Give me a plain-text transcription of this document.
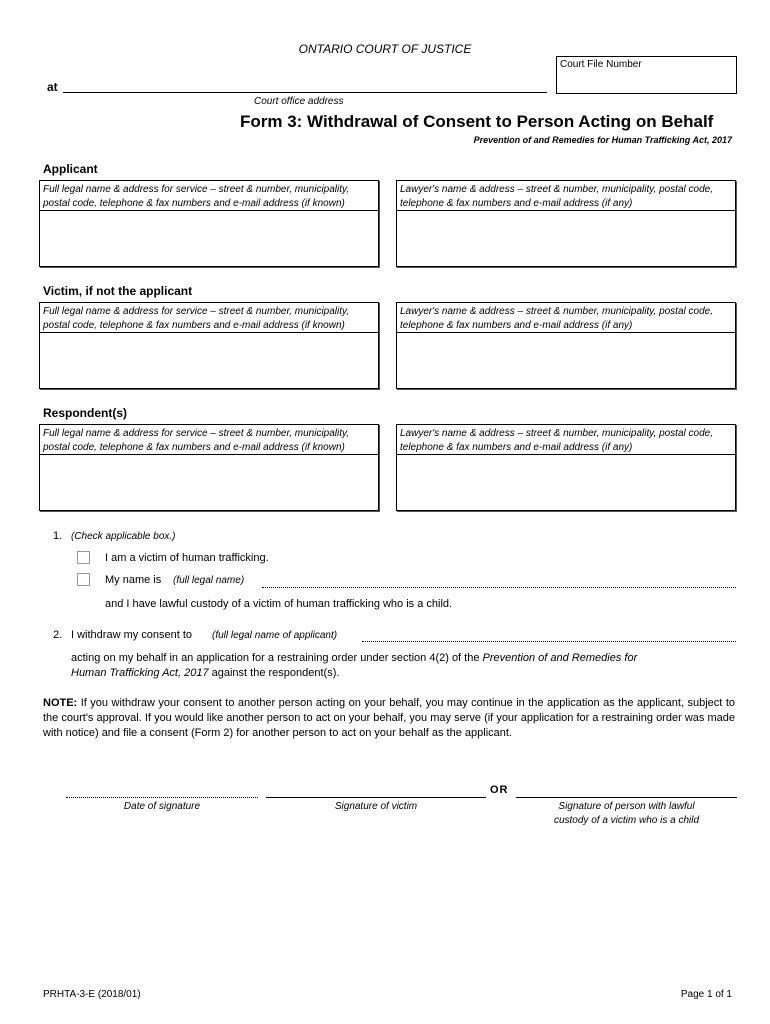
ONTARIO COURT OF JUSTICE
Court File Number
at
Court office address
Form 3: Withdrawal of Consent to Person Acting on Behalf
Prevention of and Remedies for Human Trafficking Act, 2017
Applicant
Full legal name & address for service – street & number, municipality, postal code, telephone & fax numbers and e-mail address (if known)
Lawyer's name & address – street & number, municipality, postal code, telephone & fax numbers and e-mail address (if any)
Victim, if not the applicant
Full legal name & address for service – street & number, municipality, postal code, telephone & fax numbers and e-mail address (if known)
Lawyer's name & address – street & number, municipality, postal code, telephone & fax numbers and e-mail address (if any)
Respondent(s)
Full legal name & address for service – street & number, municipality, postal code, telephone & fax numbers and e-mail address (if known)
Lawyer's name & address – street & number, municipality, postal code, telephone & fax numbers and e-mail address (if any)
1. (Check applicable box.)
I am a victim of human trafficking.
My name is (full legal name)
and I have lawful custody of a victim of human trafficking who is a child.
2. I withdraw my consent to (full legal name of applicant)
acting on my behalf in an application for a restraining order under section 4(2) of the Prevention of and Remedies for
Human Trafficking Act, 2017 against the respondent(s).
NOTE: If you withdraw your consent to another person acting on your behalf, you may continue in the application as the applicant, subject to the court's approval. If you would like another person to act on your behalf, you may serve (if your application for a restraining order was made with notice) and file a consent (Form 2) for another person to act on your behalf as the applicant.
OR
Date of signature	Signature of victim	Signature of person with lawful
custody of a victim who is a child
PRHTA-3-E (2018/01)	Page 1 of 1
